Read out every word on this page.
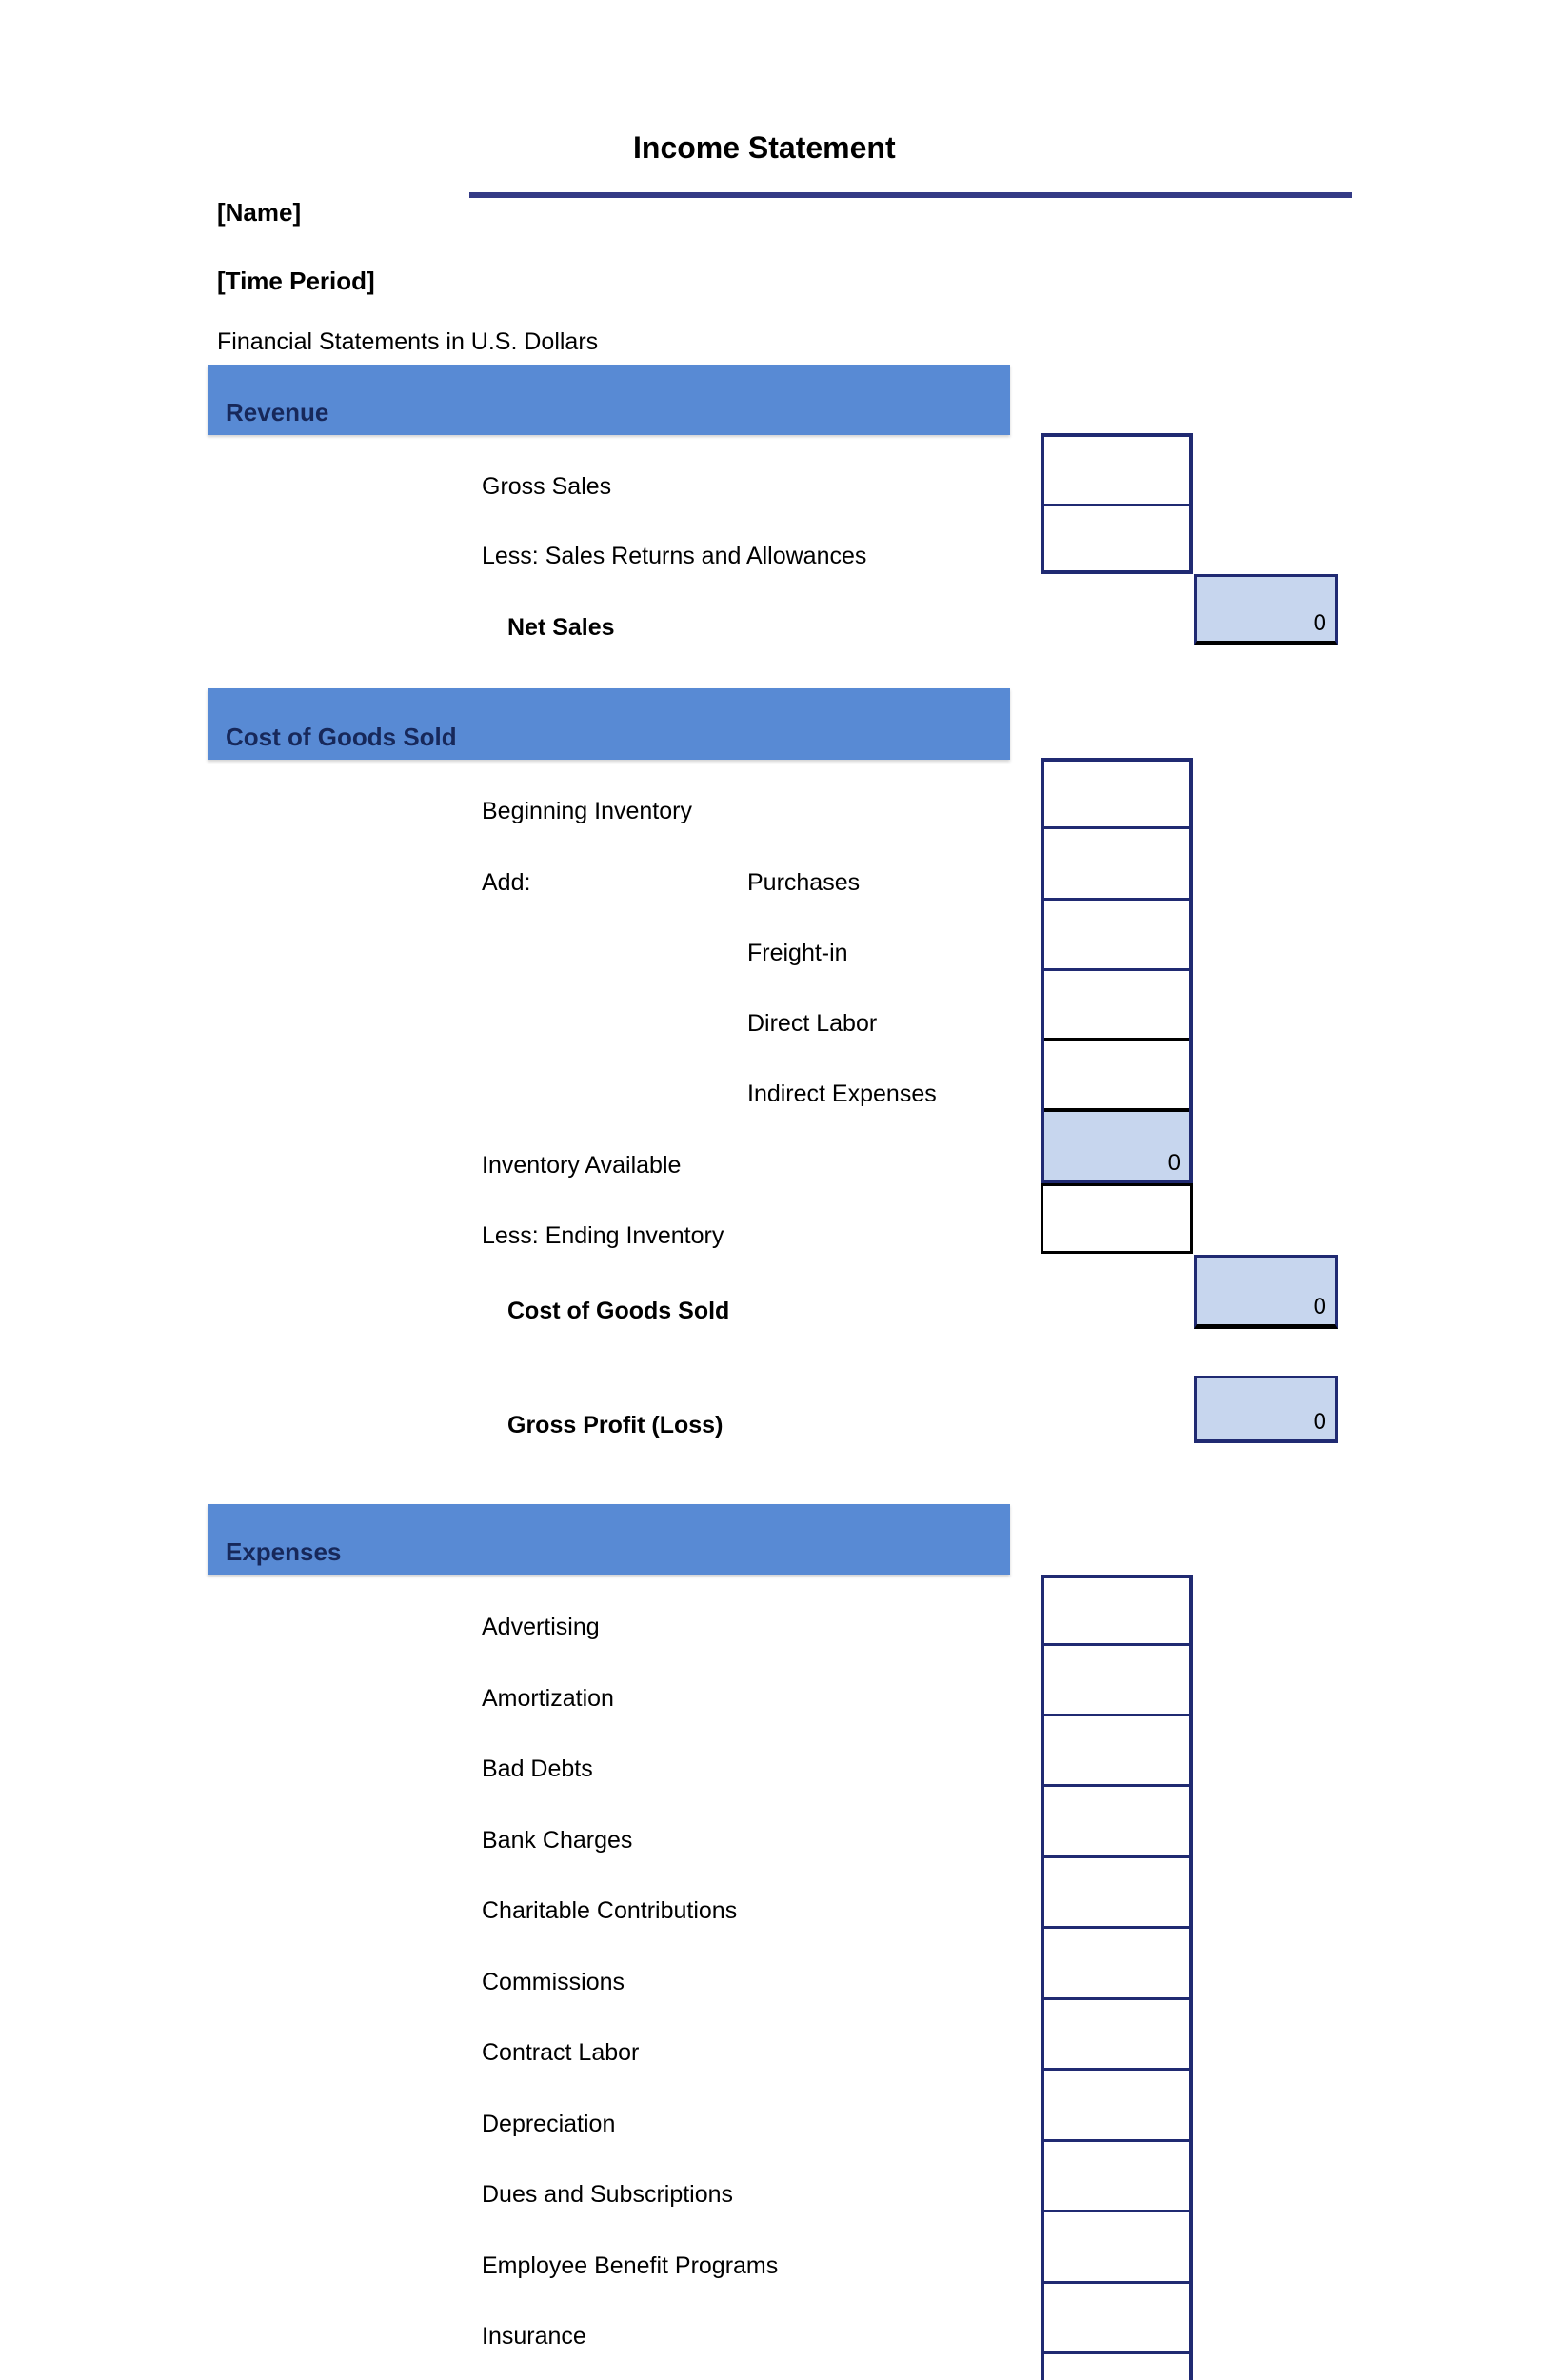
Income Statement
[Name]
[Time Period]
Financial Statements in U.S. Dollars
Revenue
Gross Sales
Less: Sales Returns and Allowances
Net Sales	0
Cost of Goods Sold
Beginning Inventory
Add:	Purchases
Freight-in
Direct Labor
Indirect Expenses
Inventory Available
Less: Ending Inventory
Cost of Goods Sold
Gross Profit (Loss)
0
0
0
Expenses
Advertising
Amortization
Bad Debts
Bank Charges
Charitable Contributions
Commissions
Contract Labor
Depreciation
Dues and Subscriptions
Employee Benefit Programs
Insurance
